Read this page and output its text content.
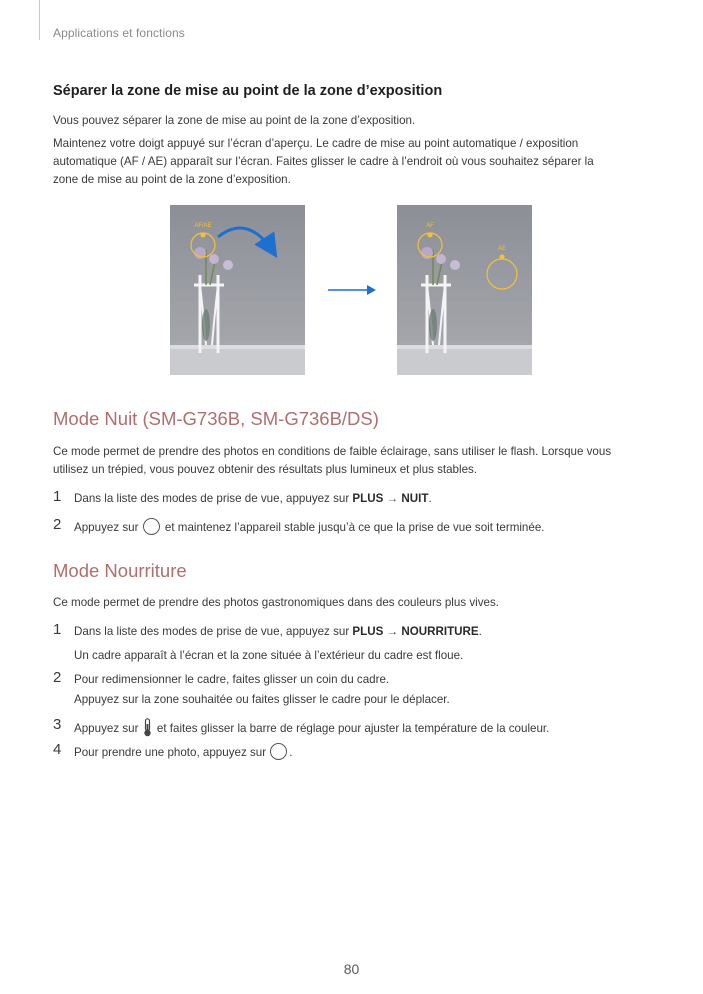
Applications et fonctions
Séparer la zone de mise au point de la zone d’exposition
Vous pouvez séparer la zone de mise au point de la zone d’exposition.
Maintenez votre doigt appuyé sur l’écran d’aperçu. Le cadre de mise au point automatique / exposition
automatique (AF / AE) apparaît sur l’écran. Faites glisser le cadre à l’endroit où vous souhaitez séparer la
zone de mise au point de la zone d’exposition.
AF/AE	AF
AE
Mode Nuit (SM-G736B, SM-G736B/DS)
Ce mode permet de prendre des photos en conditions de faible éclairage, sans utiliser le flash. Lorsque vous
utilisez un trépied, vous pouvez obtenir des résultats plus lumineux et plus stables.
1 Dans la liste des modes de prise de vue, appuyez sur PLUS → NUIT.
2 Appuyez sur  et maintenez l’appareil stable jusqu’à ce que la prise de vue soit terminée.
Mode Nourriture
Ce mode permet de prendre des photos gastronomiques dans des couleurs plus vives.
1 Dans la liste des modes de prise de vue, appuyez sur PLUS → NOURRITURE.
Un cadre apparaît à l’écran et la zone située à l’extérieur du cadre est floue.
2 Pour redimensionner le cadre, faites glisser un coin du cadre.
Appuyez sur la zone souhaitée ou faites glisser le cadre pour le déplacer.
3 Appuyez sur  et faites glisser la barre de réglage pour ajuster la température de la couleur.
4 Pour prendre une photo, appuyez sur .
80
